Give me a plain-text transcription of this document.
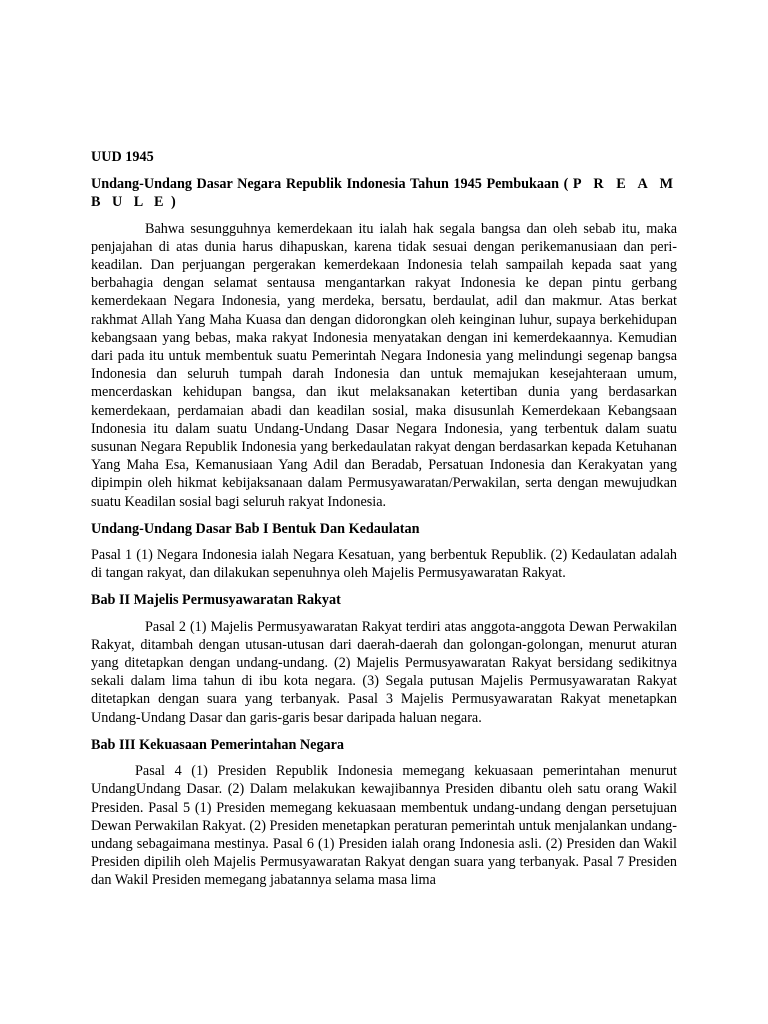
UUD 1945
Undang-Undang Dasar Negara Republik Indonesia Tahun 1945 Pembukaan ( P R E A M B U L E )

Bahwa sesungguhnya kemerdekaan itu ialah hak segala bangsa dan oleh sebab itu, maka penjajahan di atas dunia harus dihapuskan, karena tidak sesuai dengan perikemanusiaan dan peri-keadilan. Dan perjuangan pergerakan kemerdekaan Indonesia telah sampailah kepada saat yang berbahagia dengan selamat sentausa mengantarkan rakyat Indonesia ke depan pintu gerbang kemerdekaan Negara Indonesia, yang merdeka, bersatu, berdaulat, adil dan makmur. Atas berkat rakhmat Allah Yang Maha Kuasa dan dengan didorongkan oleh keinginan luhur, supaya berkehidupan kebangsaan yang bebas, maka rakyat Indonesia menyatakan dengan ini kemerdekaannya. Kemudian dari pada itu untuk membentuk suatu Pemerintah Negara Indonesia yang melindungi segenap bangsa Indonesia dan seluruh tumpah darah Indonesia dan untuk memajukan kesejahteraan umum, mencerdaskan kehidupan bangsa, dan ikut melaksanakan ketertiban dunia yang berdasarkan kemerdekaan, perdamaian abadi dan keadilan sosial, maka disusunlah Kemerdekaan Kebangsaan Indonesia itu dalam suatu Undang-Undang Dasar Negara Indonesia, yang terbentuk dalam suatu susunan Negara Republik Indonesia yang berkedaulatan rakyat dengan berdasarkan kepada Ketuhanan Yang Maha Esa, Kemanusiaan Yang Adil dan Beradab, Persatuan Indonesia dan Kerakyatan yang dipimpin oleh hikmat kebijaksanaan dalam Permusyawaratan/Perwakilan, serta dengan mewujudkan suatu Keadilan sosial bagi seluruh rakyat Indonesia.

Undang-Undang Dasar Bab I Bentuk Dan Kedaulatan

Pasal 1 (1) Negara Indonesia ialah Negara Kesatuan, yang berbentuk Republik. (2) Kedaulatan adalah di tangan rakyat, dan dilakukan sepenuhnya oleh Majelis Permusyawaratan Rakyat.

Bab II Majelis Permusyawaratan Rakyat

Pasal 2 (1) Majelis Permusyawaratan Rakyat terdiri atas anggota-anggota Dewan Perwakilan Rakyat, ditambah dengan utusan-utusan dari daerah-daerah dan golongan-golongan, menurut aturan yang ditetapkan dengan undang-undang. (2) Majelis Permusyawaratan Rakyat bersidang sedikitnya sekali dalam lima tahun di ibu kota negara. (3) Segala putusan Majelis Permusyawaratan Rakyat ditetapkan dengan suara yang terbanyak. Pasal 3 Majelis Permusyawaratan Rakyat menetapkan Undang-Undang Dasar dan garis-garis besar daripada haluan negara.

Bab III Kekuasaan Pemerintahan Negara

Pasal 4 (1) Presiden Republik Indonesia memegang kekuasaan pemerintahan menurut UndangUndang Dasar. (2) Dalam melakukan kewajibannya Presiden dibantu oleh satu orang Wakil Presiden. Pasal 5 (1) Presiden memegang kekuasaan membentuk undang-undang dengan persetujuan Dewan Perwakilan Rakyat. (2) Presiden menetapkan peraturan pemerintah untuk menjalankan undang-undang sebagaimana mestinya. Pasal 6 (1) Presiden ialah orang Indonesia asli. (2) Presiden dan Wakil Presiden dipilih oleh Majelis Permusyawaratan Rakyat dengan suara yang terbanyak. Pasal 7 Presiden dan Wakil Presiden memegang jabatannya selama masa lima
